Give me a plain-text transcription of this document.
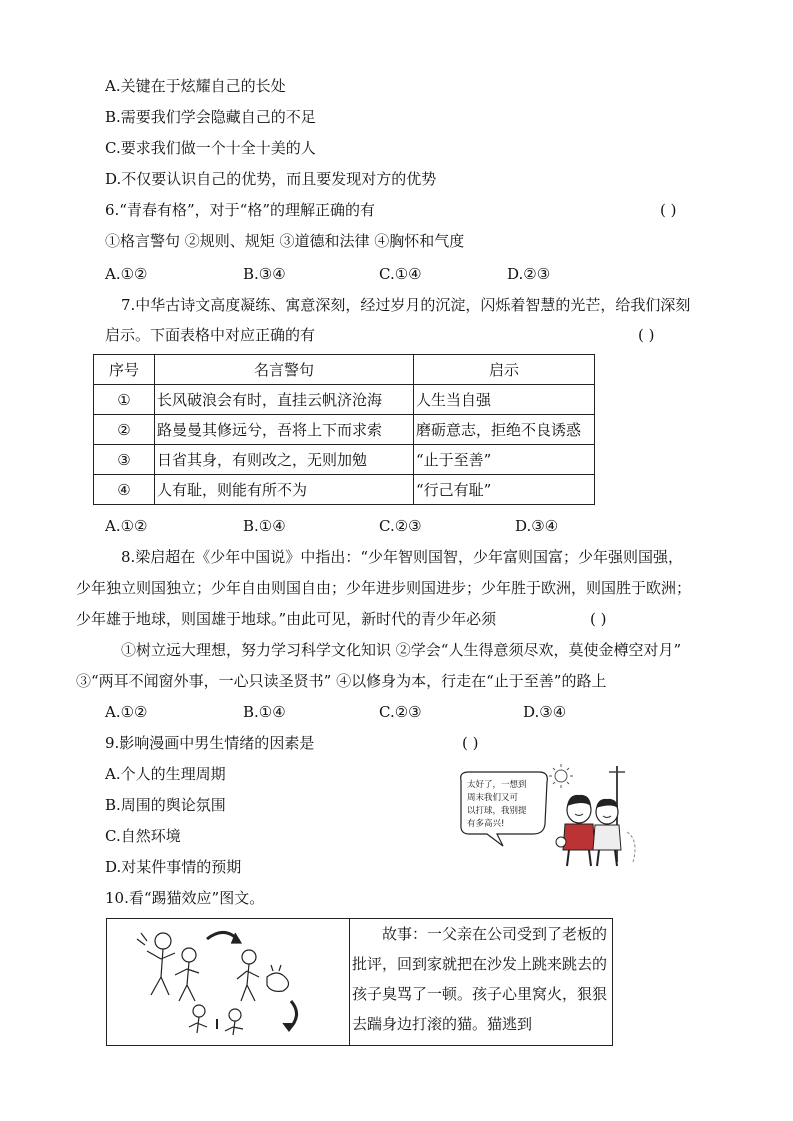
A.关键在于炫耀自己的长处
B.需要我们学会隐藏自己的不足
C.要求我们做一个十全十美的人
D.不仅要认识自己的优势，而且要发现对方的优势
6.“青春有格”，对于“格”的理解正确的有	( )
①格言警句 ②规则、规矩 ③道德和法律 ④胸怀和气度
A.①②	B.③④	C.①④	D.②③
7.中华古诗文高度凝练、寓意深刻，经过岁月的沉淀，闪烁着智慧的光芒，给我们深刻
启示。下面表格中对应正确的有	( )
序号	名言警句	启示
①	长风破浪会有时，直挂云帆济沧海	人生当自强
②	路曼曼其修远兮，吾将上下而求索	磨砺意志，拒绝不良诱惑
③	日省其身，有则改之，无则加勉	“止于至善”
④	人有耻，则能有所不为	“行己有耻”
A.①②	B.①④	C.②③	D.③④
8.梁启超在《少年中国说》中指出：“少年智则国智，少年富则国富；少年强则国强，
少年独立则国独立；少年自由则国自由；少年进步则国进步；少年胜于欧洲，则国胜于欧洲；
少年雄于地球，则国雄于地球。”由此可见，新时代的青少年必须	( )
①树立远大理想，努力学习科学文化知识 ②学会“人生得意须尽欢，莫使金樽空对月”
③“两耳不闻窗外事，一心只读圣贤书” ④以修身为本，行走在“止于至善”的路上
A.①②	B.①④	C.②③	D.③④
9.影响漫画中男生情绪的因素是	( )
A.个人的生理周期
B.周围的舆论氛围
C.自然环境
D.对某件事情的预期
太好了，一想到
周末我们又可
以打球，我别提
有多高兴!
10.看“踢猫效应”图文。
	故事：一父亲在公司受到了老板的批评，回到家就把在沙发上跳来跳去的孩子臭骂了一顿。孩子心里窝火，狠狠去踹身边打滚的猫。猫逃到
